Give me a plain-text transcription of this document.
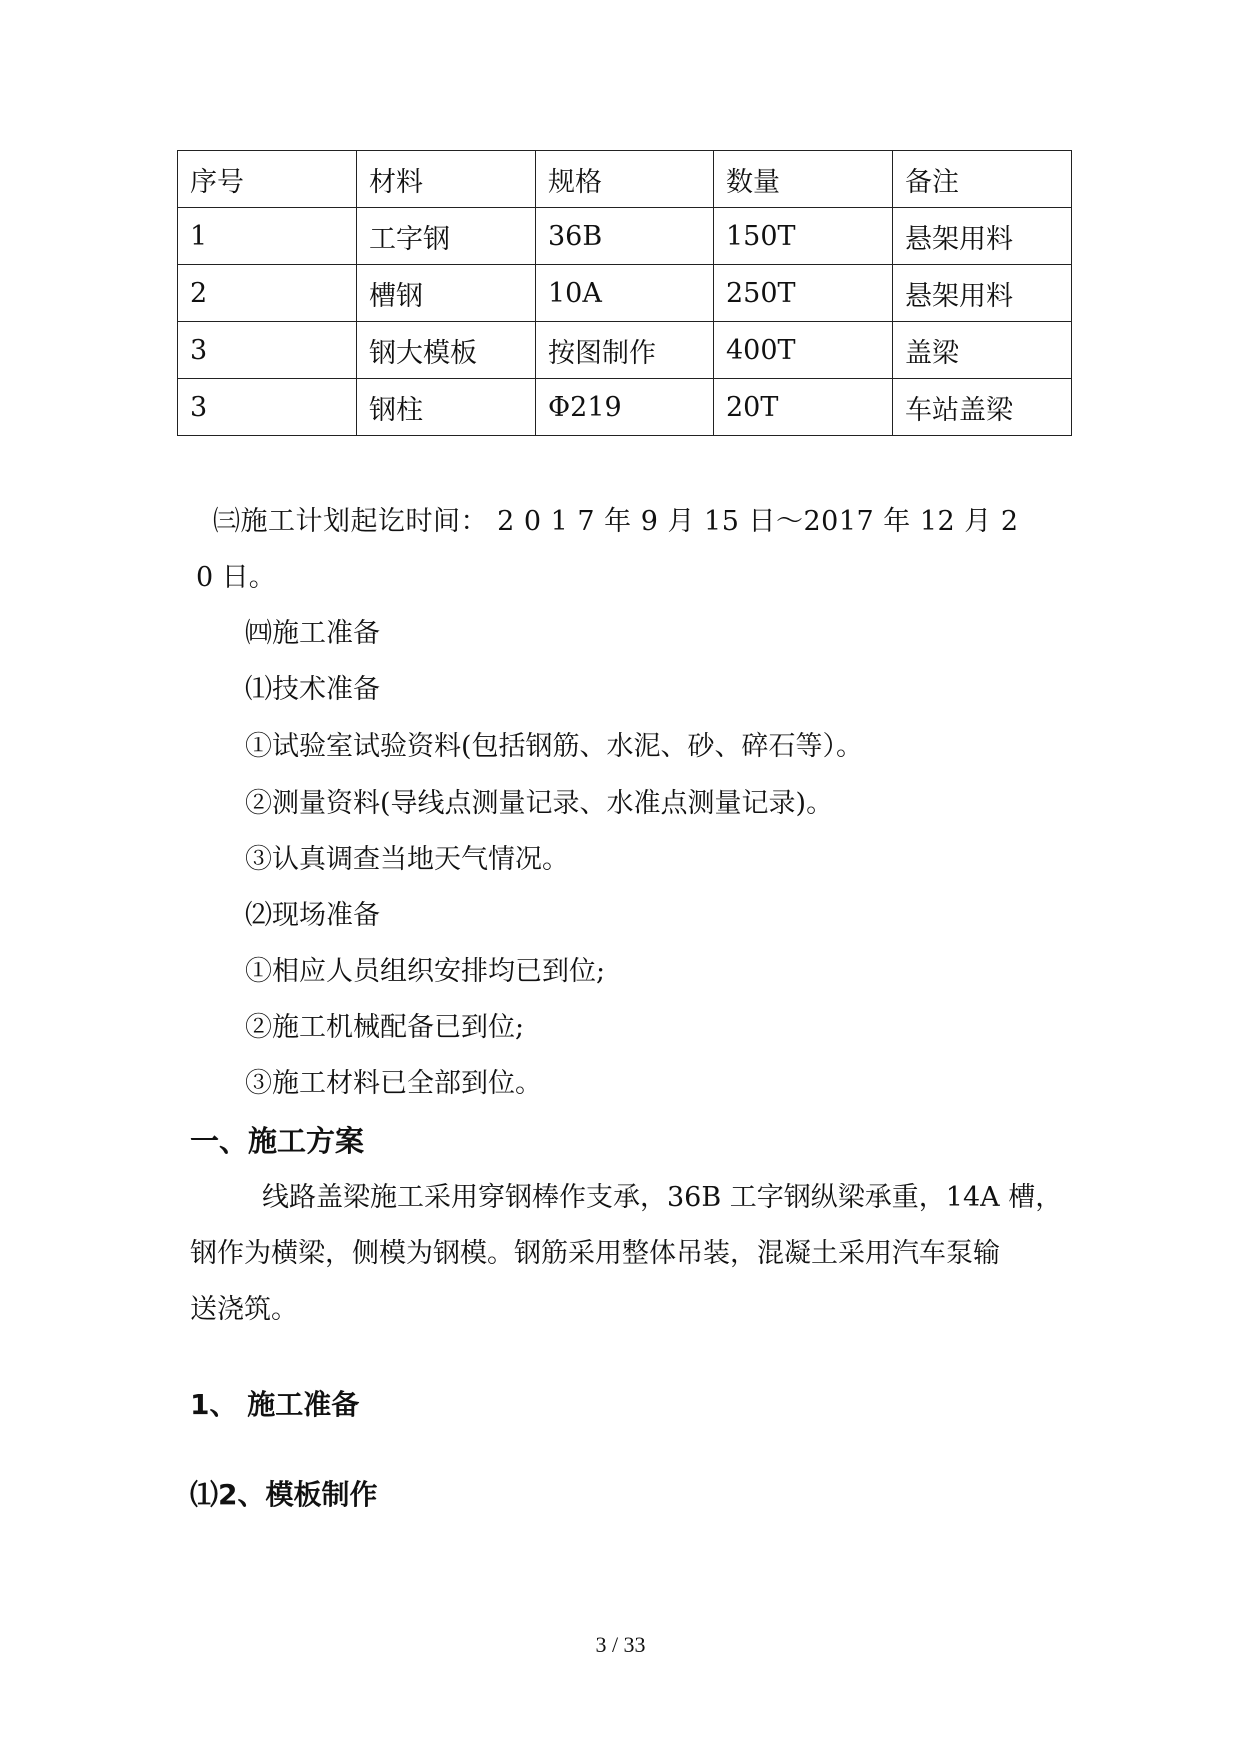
序号	材料	规格	数量	备注
1	工字钢	36B	150T	悬架用料
2	槽钢	10A	250T	悬架用料
3	钢大模板	按图制作	400T	盖梁
3	钢柱	Φ219	20T	车站盖梁
㈢施工计划起讫时间： 2 0 1 7 年 9 月 15 日～2017 年 12 月 2
0 日。
㈣施工准备
⑴技术准备
①试验室试验资料(包括钢筋、水泥、砂、碎石等）。
②测量资料(导线点测量记录、水准点测量记录)。
③认真调查当地天气情况。
⑵现场准备
①相应人员组织安排均已到位;
②施工机械配备已到位;
③施工材料已全部到位。
一、施工方案
线路盖梁施工采用穿钢棒作支承，36B 工字钢纵梁承重，14A 槽，
钢作为横梁，侧模为钢模。钢筋采用整体吊装，混凝土采用汽车泵输
送浇筑。
1、 施工准备
⑴2、模板制作
3 / 33
